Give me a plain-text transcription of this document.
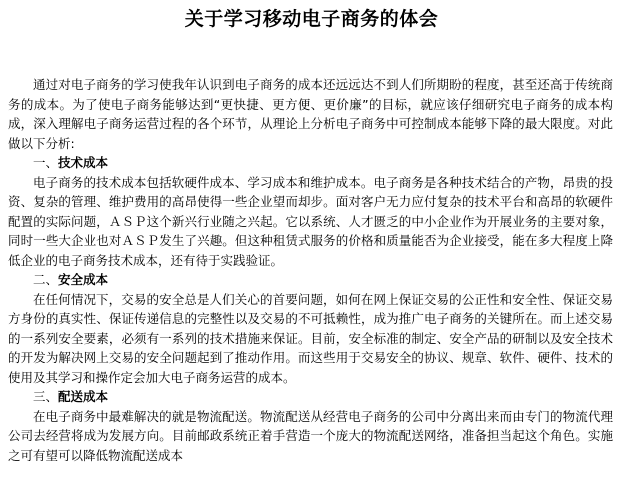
关于学习移动电子商务的体会

通过对电子商务的学习使我年认识到电子商务的成本还远远达不到人们所期盼的程度，甚至还高于传统商务的成本。为了使电子商务能够达到“更快捷、更方便、更价廉”的目标，就应该仔细研究电子商务的成本构成，深入理解电子商务运营过程的各个环节，从理论上分析电子商务中可控制成本能够下降的最大限度。对此做以下分析:

一、技术成本

电子商务的技术成本包括软硬件成本、学习成本和维护成本。电子商务是各种技术结合的产物，昂贵的投资、复杂的管理、维护费用的高昂使得一些企业望而却步。面对客户无力应付复杂的技术平台和高昂的软硬件配置的实际问题，ＡＳＰ这个新兴行业随之兴起。它以系统、人才匮乏的中小企业作为开展业务的主要对象，同时一些大企业也对ＡＳＰ发生了兴趣。但这种租赁式服务的价格和质量能否为企业接受，能在多大程度上降低企业的电子商务技术成本，还有待于实践验证。

二、安全成本

在任何情况下，交易的安全总是人们关心的首要问题，如何在网上保证交易的公正性和安全性、保证交易方身份的真实性、保证传递信息的完整性以及交易的不可抵赖性，成为推广电子商务的关键所在。而上述交易的一系列安全要素，必须有一系列的技术措施来保证。目前，安全标准的制定、安全产品的研制以及安全技术的开发为解决网上交易的安全问题起到了推动作用。而这些用于交易安全的协议、规章、软件、硬件、技术的使用及其学习和操作定会加大电子商务运营的成本。

三、配送成本

在电子商务中最难解决的就是物流配送。物流配送从经营电子商务的公司中分离出来而由专门的物流代理公司去经营将成为发展方向。目前邮政系统正着手营造一个庞大的物流配送网络，准备担当起这个角色。实施之可有望可以降低物流配送成本
